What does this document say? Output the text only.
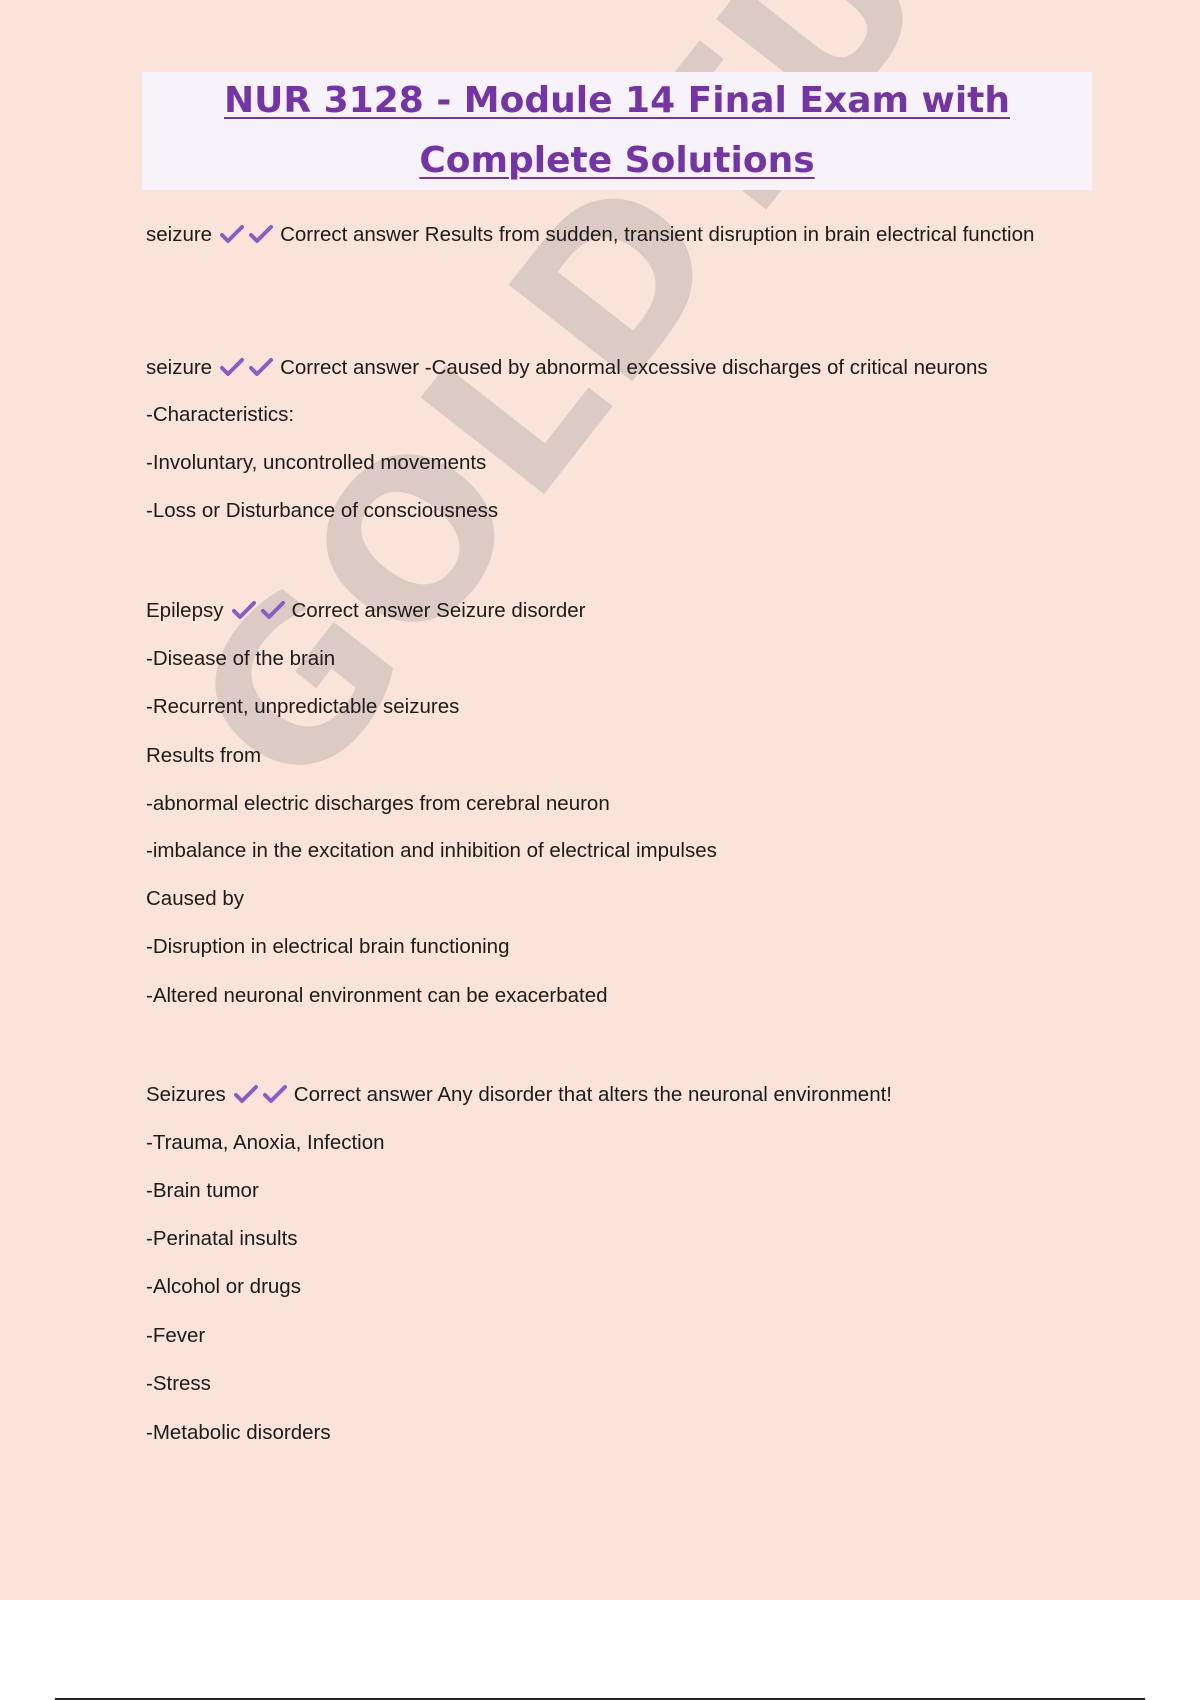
NUR 3128 - Module 14 Final Exam with
Complete Solutions
seizure	Correct answer Results from sudden, transient disruption in brain electrical function
seizure	Correct answer -Caused by abnormal excessive discharges of critical neurons
-Characteristics:
-Involuntary, uncontrolled movements
-Loss or Disturbance of consciousness
Epilepsy	Correct answer Seizure disorder
-Disease of the brain
-Recurrent, unpredictable seizures
Results from
-abnormal electric discharges from cerebral neuron
-imbalance in the excitation and inhibition of electrical impulses
Caused by
-Disruption in electrical brain functioning
-Altered neuronal environment can be exacerbated
Seizures	Correct answer Any disorder that alters the neuronal environment!
-Trauma, Anoxia, Infection
-Brain tumor
-Perinatal insults
-Alcohol or drugs
-Fever
-Stress
-Metabolic disorders
